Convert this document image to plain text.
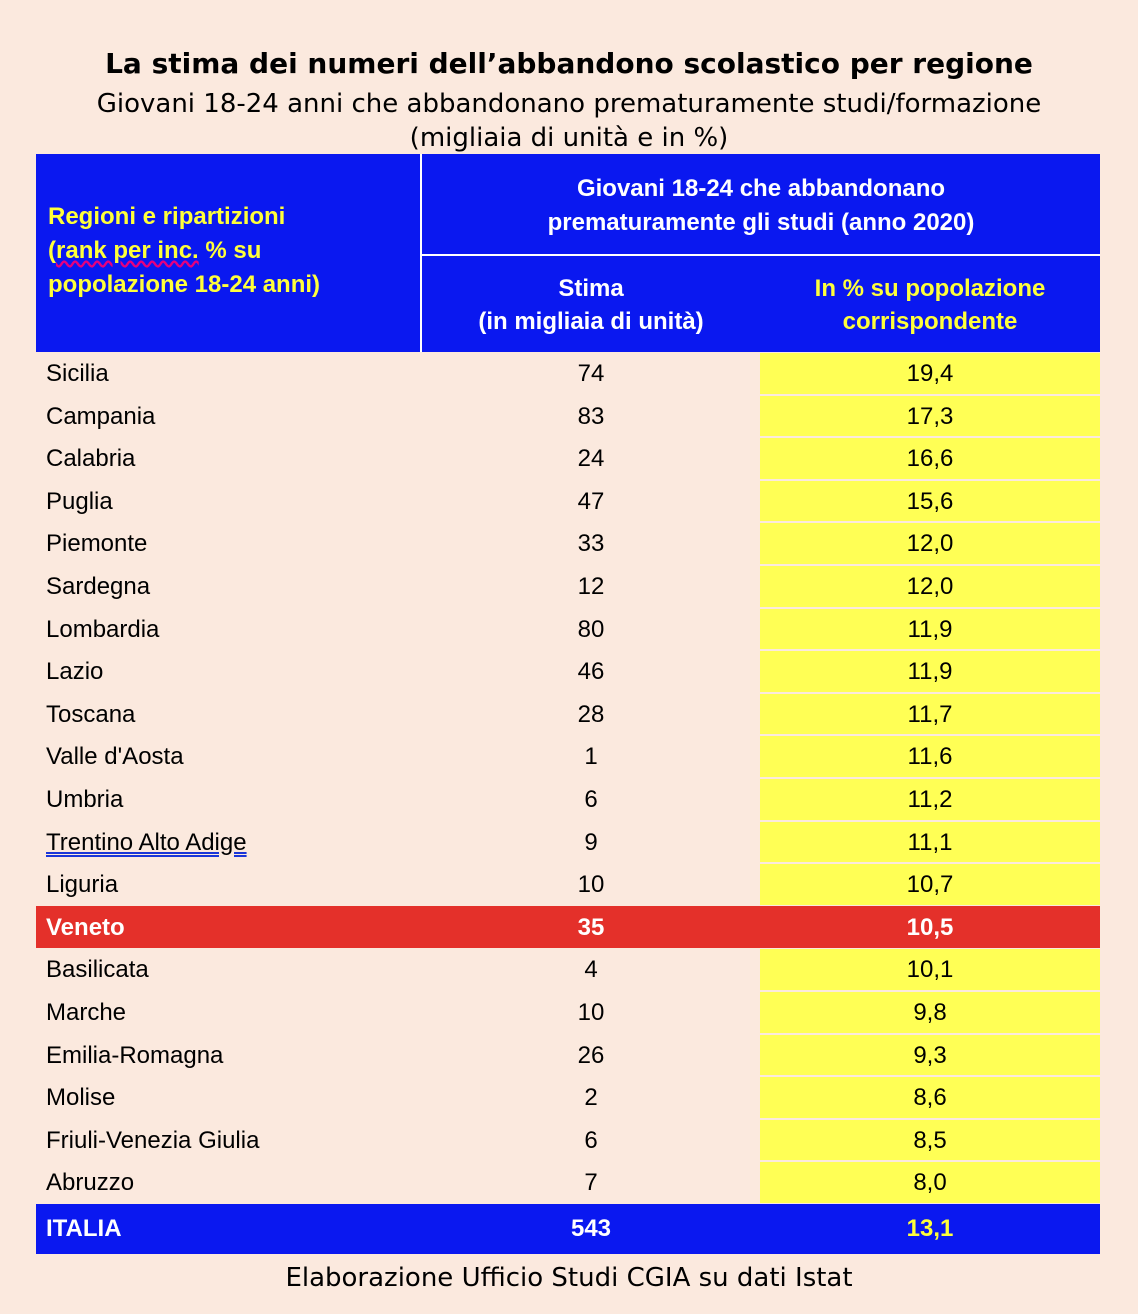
La stima dei numeri dell’abbandono scolastico per regione
Giovani 18-24 anni che abbandonano prematuramente studi/formazione
(migliaia di unità e in %)
Regioni e ripartizioni
(rank per inc. % su
popolazione 18-24 anni)
Giovani 18-24 che abbandonano
prematuramente gli studi (anno 2020)
Stima
(in migliaia di unità)
In % su popolazione
corrispondente
Sicilia	74	19,4
Campania	83	17,3
Calabria	24	16,6
Puglia	47	15,6
Piemonte	33	12,0
Sardegna	12	12,0
Lombardia	80	11,9
Lazio	46	11,9
Toscana	28	11,7
Valle d'Aosta	1	11,6
Umbria	6	11,2
Trentino Alto Adige	9	11,1
Liguria	10	10,7
Veneto	35	10,5
Basilicata	4	10,1
Marche	10	9,8
Emilia-Romagna	26	9,3
Molise	2	8,6
Friuli-Venezia Giulia	6	8,5
Abruzzo	7	8,0
ITALIA	543	13,1
Elaborazione Ufficio Studi CGIA su dati Istat
